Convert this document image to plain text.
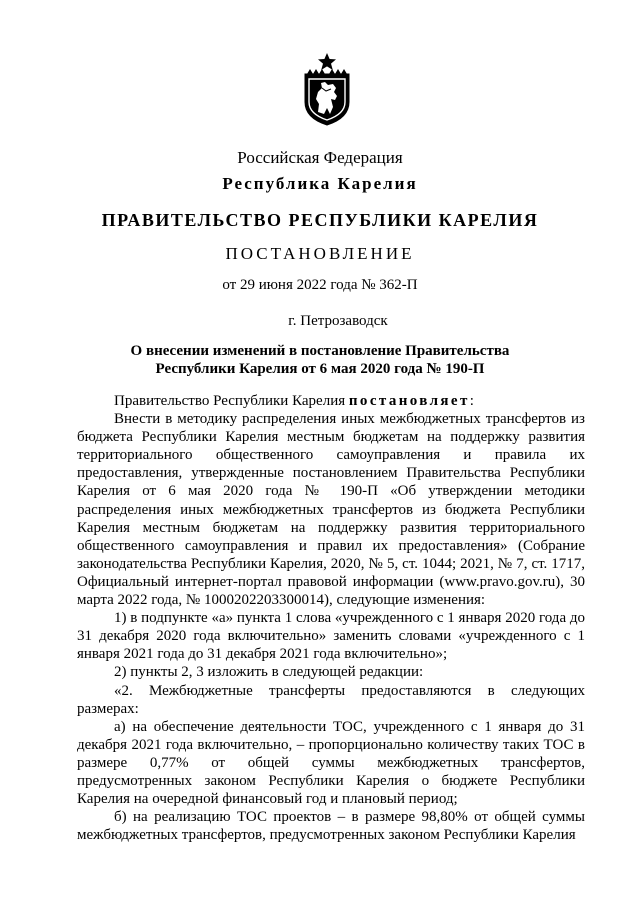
Российская Федерация
Республика Карелия
ПРАВИТЕЛЬСТВО РЕСПУБЛИКИ КАРЕЛИЯ
ПОСТАНОВЛЕНИЕ
от 29 июня 2022 года № 362-П
г. Петрозаводск
О внесении изменений в постановление Правительства
Республики Карелия от 6 мая 2020 года № 190-П

Правительство Республики Карелия постановляет:

Внести в методику распределения иных межбюджетных трансфертов из бюджета Республики Карелия местным бюджетам на поддержку развития территориального общественного самоуправления и правила их предоставления, утвержденные постановлением Правительства Республики Карелия от 6 мая 2020 года № 190-П «Об утверждении методики распределения иных межбюджетных трансфертов из бюджета Республики Карелия местным бюджетам на поддержку развития территориального общественного самоуправления и правил их предоставления» (Собрание законодательства Республики Карелия, 2020, № 5, ст. 1044; 2021, № 7, ст. 1717, Официальный интернет-портал правовой информации (www.pravo.gov.ru), 30 марта 2022 года, № 1000202203300014), следующие изменения:

1) в подпункте «а» пункта 1 слова «учрежденного с 1 января 2020 года до 31 декабря 2020 года включительно» заменить словами «учрежденного с 1 января 2021 года до 31 декабря 2021 года включительно»;

2) пункты 2, 3 изложить в следующей редакции:

«2. Межбюджетные трансферты предоставляются в следующих размерах:

а) на обеспечение деятельности ТОС, учрежденного с 1 января до 31 декабря 2021 года включительно, – пропорционально количеству таких ТОС в размере 0,77% от общей суммы межбюджетных трансфертов, предусмотренных законом Республики Карелия о бюджете Республики Карелия на очередной финансовый год и плановый период;

б) на реализацию ТОС проектов – в размере 98,80% от общей суммы межбюджетных трансфертов, предусмотренных законом Республики Карелия
